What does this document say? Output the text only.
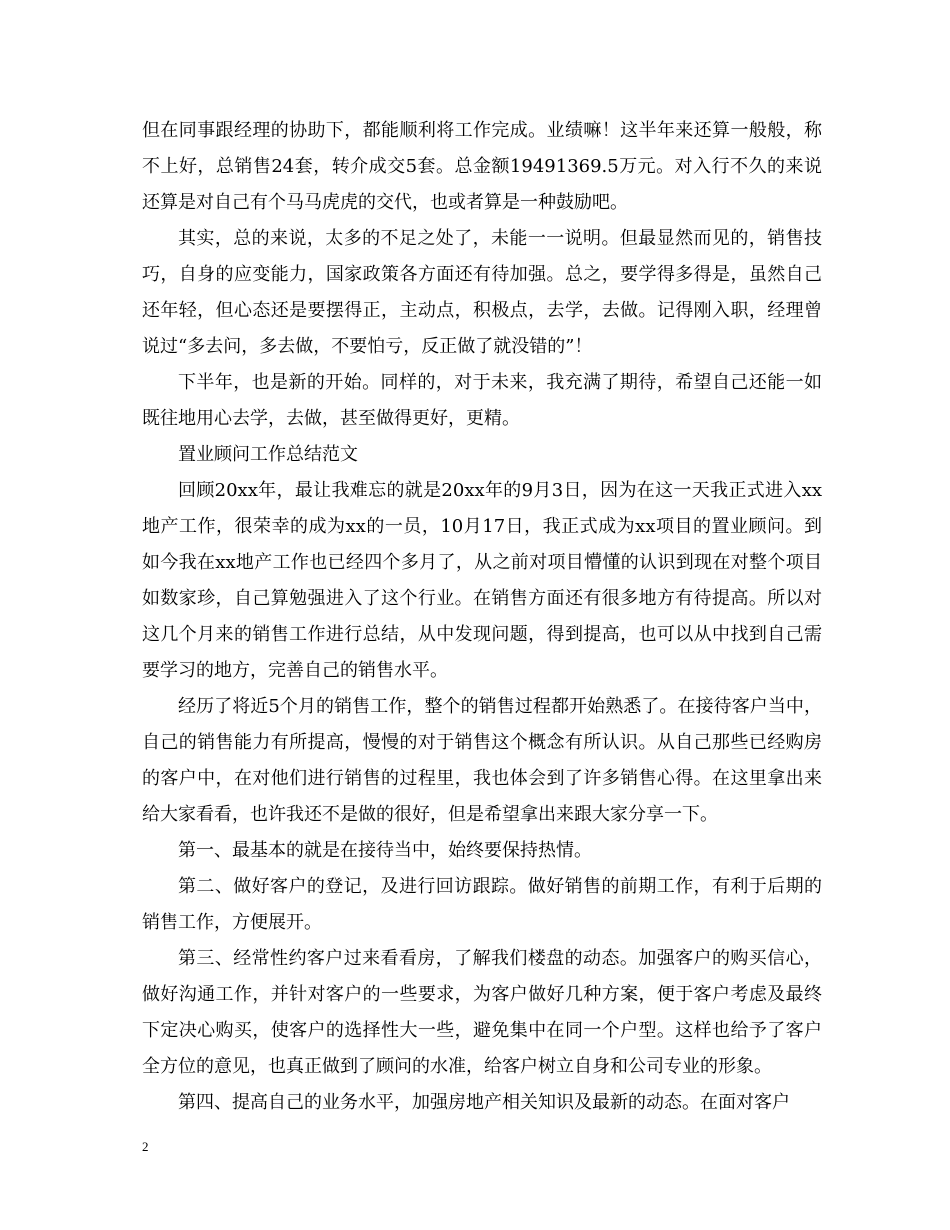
但在同事跟经理的协助下，都能顺利将工作完成。业绩嘛！这半年来还算一般般，称不上好，总销售24套，转介成交5套。总金额19491369.5万元。对入行不久的来说还算是对自己有个马马虎虎的交代，也或者算是一种鼓励吧。

其实，总的来说，太多的不足之处了，未能一一说明。但最显然而见的，销售技巧，自身的应变能力，国家政策各方面还有待加强。总之，要学得多得是，虽然自己还年轻，但心态还是要摆得正，主动点，积极点，去学，去做。记得刚入职，经理曾说过“多去问，多去做，不要怕亏，反正做了就没错的”！

下半年，也是新的开始。同样的，对于未来，我充满了期待，希望自己还能一如既往地用心去学，去做，甚至做得更好，更精。

置业顾问工作总结范文

回顾20xx年，最让我难忘的就是20xx年的9月3日，因为在这一天我正式进入xx地产工作，很荣幸的成为xx的一员，10月17日，我正式成为xx项目的置业顾问。到如今我在xx地产工作也已经四个多月了，从之前对项目懵懂的认识到现在对整个项目如数家珍，自己算勉强进入了这个行业。在销售方面还有很多地方有待提高。所以对这几个月来的销售工作进行总结，从中发现问题，得到提高，也可以从中找到自己需要学习的地方，完善自己的销售水平。

经历了将近5个月的销售工作，整个的销售过程都开始熟悉了。在接待客户当中，自己的销售能力有所提高，慢慢的对于销售这个概念有所认识。从自己那些已经购房的客户中，在对他们进行销售的过程里，我也体会到了许多销售心得。在这里拿出来给大家看看，也许我还不是做的很好，但是希望拿出来跟大家分享一下。

第一、最基本的就是在接待当中，始终要保持热情。

第二、做好客户的登记，及进行回访跟踪。做好销售的前期工作，有利于后期的销售工作，方便展开。

第三、经常性约客户过来看看房，了解我们楼盘的动态。加强客户的购买信心，做好沟通工作，并针对客户的一些要求，为客户做好几种方案，便于客户考虑及最终下定决心购买，使客户的选择性大一些，避免集中在同一个户型。这样也给予了客户全方位的意见，也真正做到了顾问的水准，给客户树立自身和公司专业的形象。

第四、提高自己的业务水平，加强房地产相关知识及最新的动态。在面对客户

2
